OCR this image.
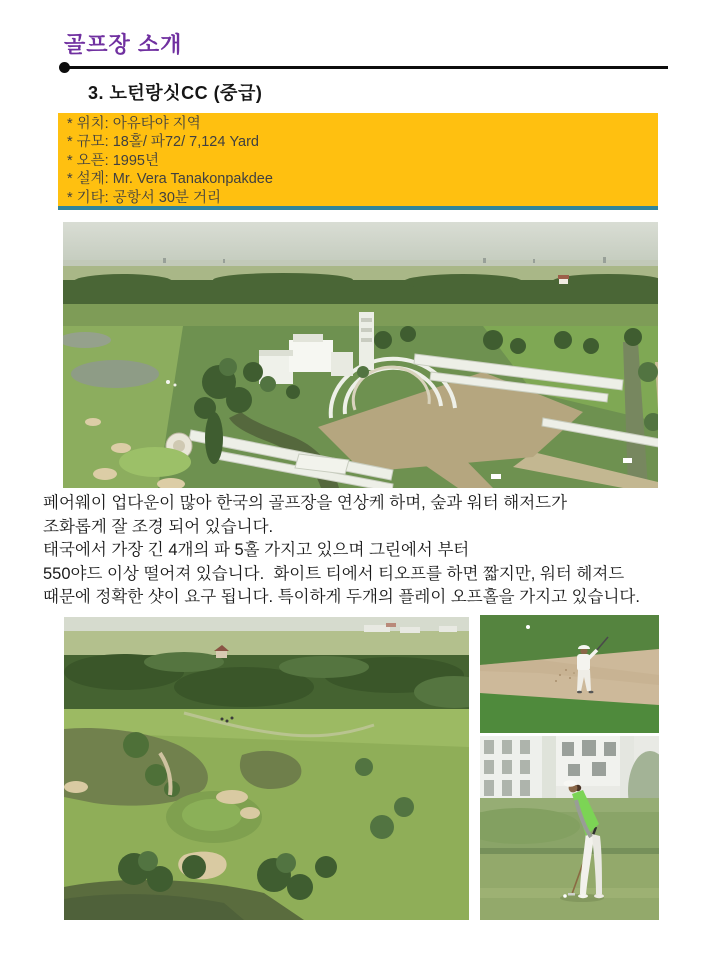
골프장 소개
3. 노턴랑싯CC (중급)
* 위치: 아유타야 지역
* 규모: 18홀/ 파72/ 7,124 Yard
* 오픈: 1995년
* 설계: Mr. Vera Tanakonpakdee
* 기타: 공항서 30분 거리
페어웨이 업다운이 많아 한국의 골프장을 연상케 하며, 숲과 워터 해저드가
조화롭게 잘 조경 되어 있습니다.
태국에서 가장 긴 4개의 파 5홀 가지고 있으며 그린에서 부터
550야드 이상 떨어져 있습니다.  화이트 티에서 티오프를 하면 짧지만, 워터 헤져드
때문에 정확한 샷이 요구 됩니다. 특이하게 두개의 플레이 오프홀을 가지고 있습니다.
